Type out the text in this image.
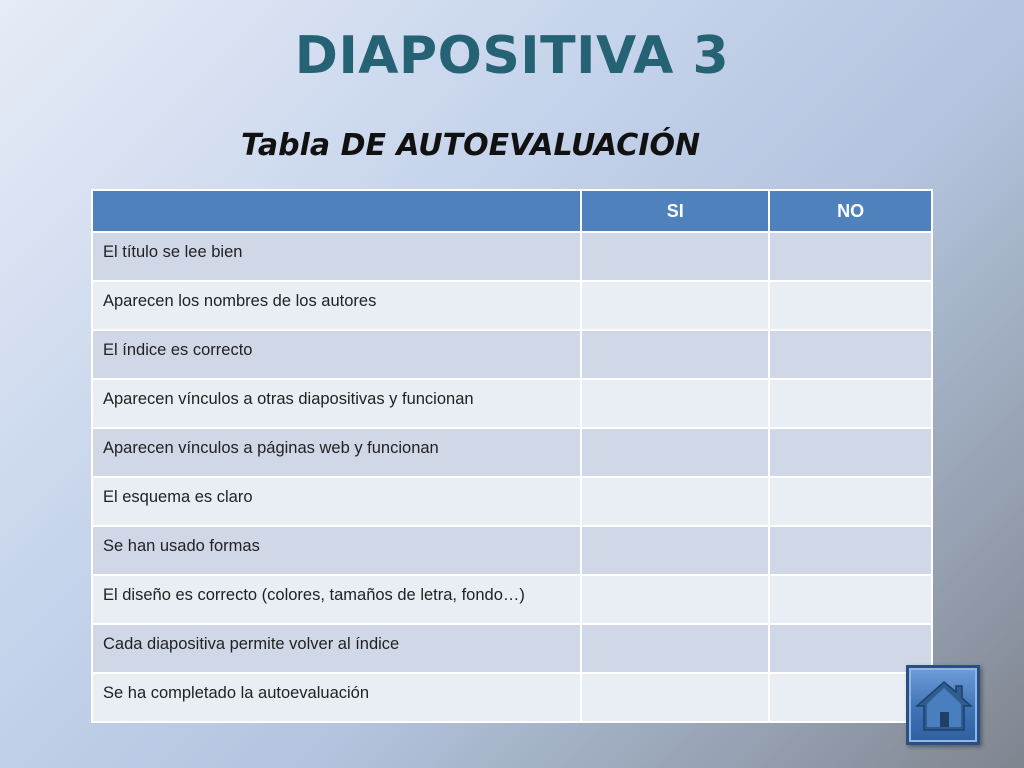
DIAPOSITIVA 3
Tabla DE AUTOEVALUACIÓN
	SI	NO
El título se lee bien		
Aparecen los nombres de los autores		
El índice es correcto		
Aparecen vínculos a otras diapositivas y funcionan		
Aparecen vínculos a páginas web y funcionan		
El esquema es claro		
Se han usado formas		
El diseño es correcto (colores, tamaños de letra, fondo…)		
Cada diapositiva permite volver al índice		
Se ha completado la autoevaluación		
